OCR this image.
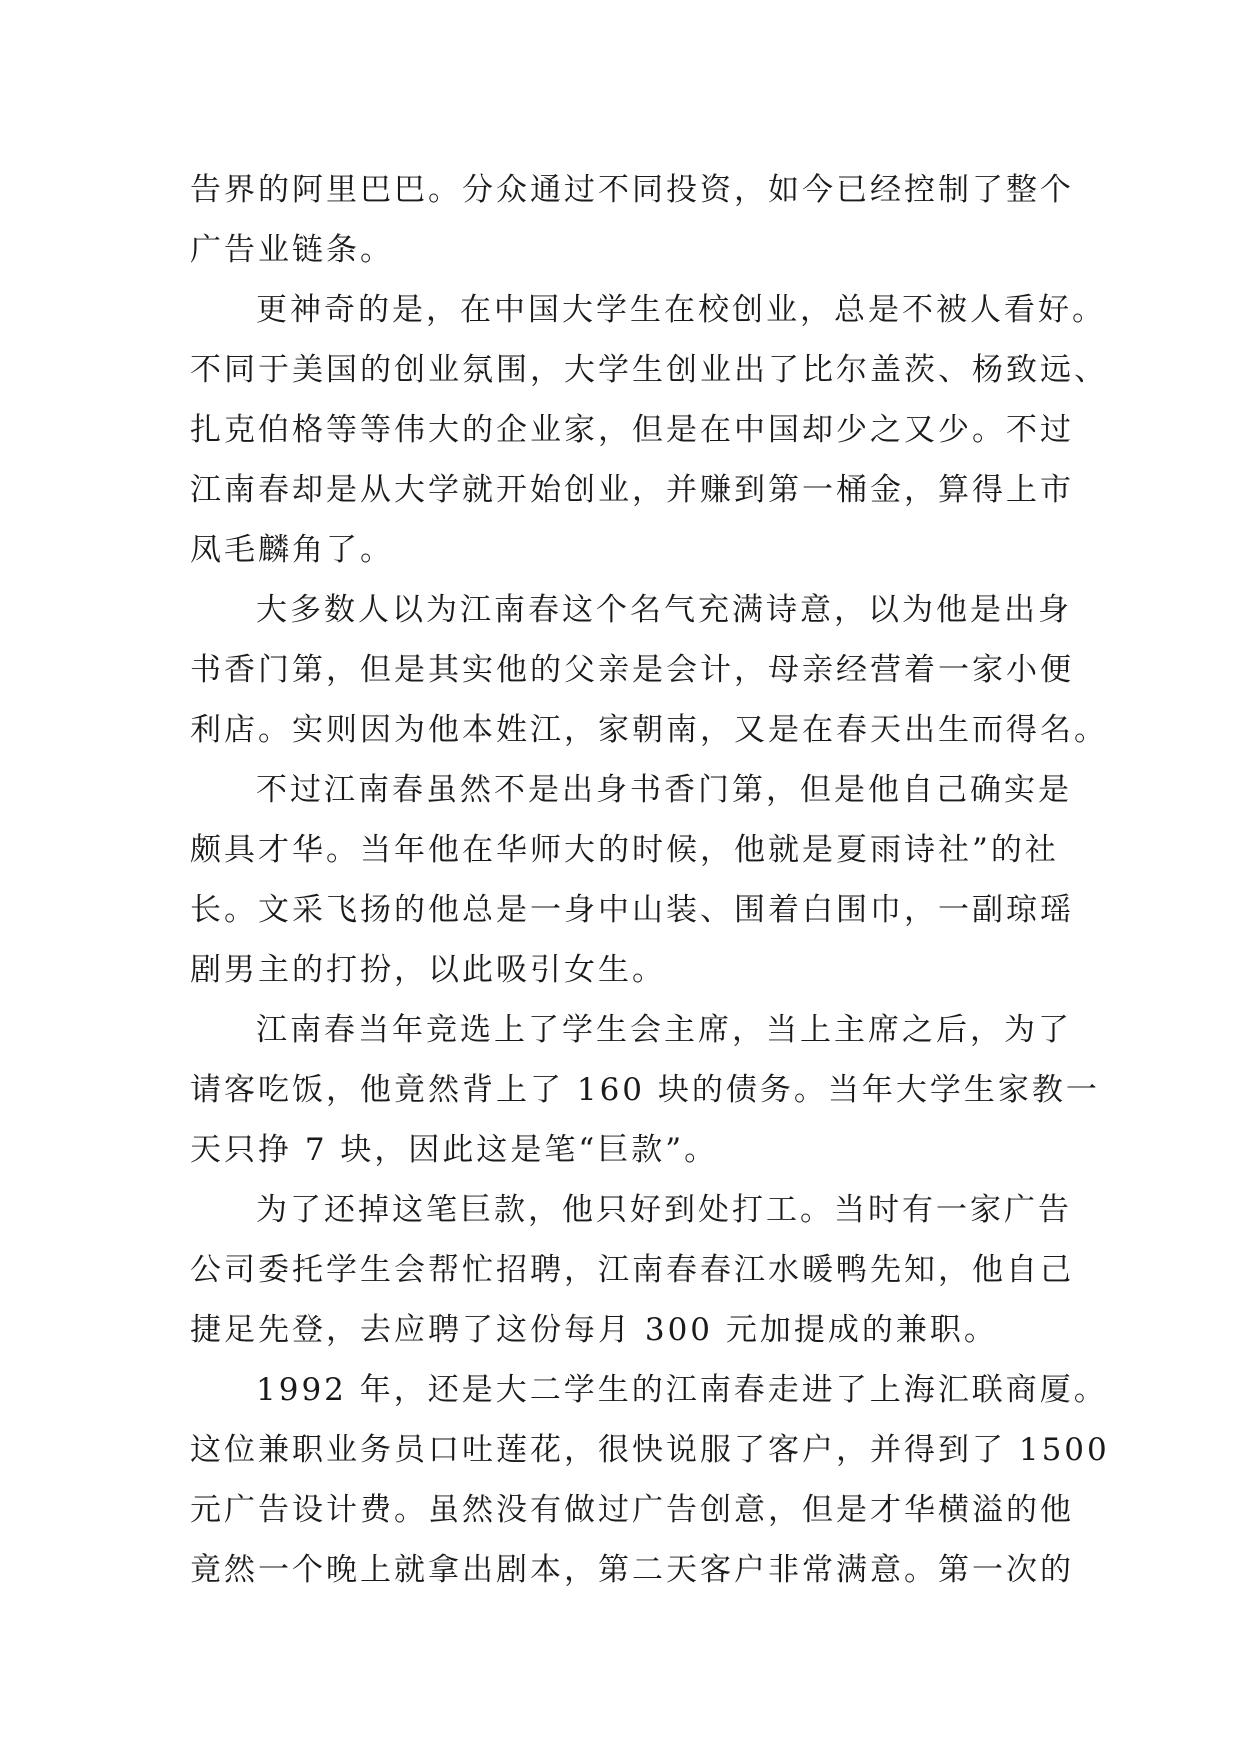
告界的阿里巴巴。分众通过不同投资，如今已经控制了整个
广告业链条。
更神奇的是，在中国大学生在校创业，总是不被人看好。
不同于美国的创业氛围，大学生创业出了比尔盖茨、杨致远、
扎克伯格等等伟大的企业家，但是在中国却少之又少。不过
江南春却是从大学就开始创业，并赚到第一桶金，算得上市
凤毛麟角了。
大多数人以为江南春这个名气充满诗意，以为他是出身
书香门第，但是其实他的父亲是会计，母亲经营着一家小便
利店。实则因为他本姓江，家朝南，又是在春天出生而得名。
不过江南春虽然不是出身书香门第，但是他自己确实是
颇具才华。当年他在华师大的时候，他就是夏雨诗社”的社
长。文采飞扬的他总是一身中山装、围着白围巾，一副琼瑶
剧男主的打扮，以此吸引女生。
江南春当年竞选上了学生会主席，当上主席之后，为了
请客吃饭，他竟然背上了 160 块的债务。当年大学生家教一
天只挣 7 块，因此这是笔“巨款”。
为了还掉这笔巨款，他只好到处打工。当时有一家广告
公司委托学生会帮忙招聘，江南春春江水暖鸭先知，他自己
捷足先登，去应聘了这份每月 300 元加提成的兼职。
1992 年，还是大二学生的江南春走进了上海汇联商厦。
这位兼职业务员口吐莲花，很快说服了客户，并得到了 1500
元广告设计费。虽然没有做过广告创意，但是才华横溢的他
竟然一个晚上就拿出剧本，第二天客户非常满意。第一次的
